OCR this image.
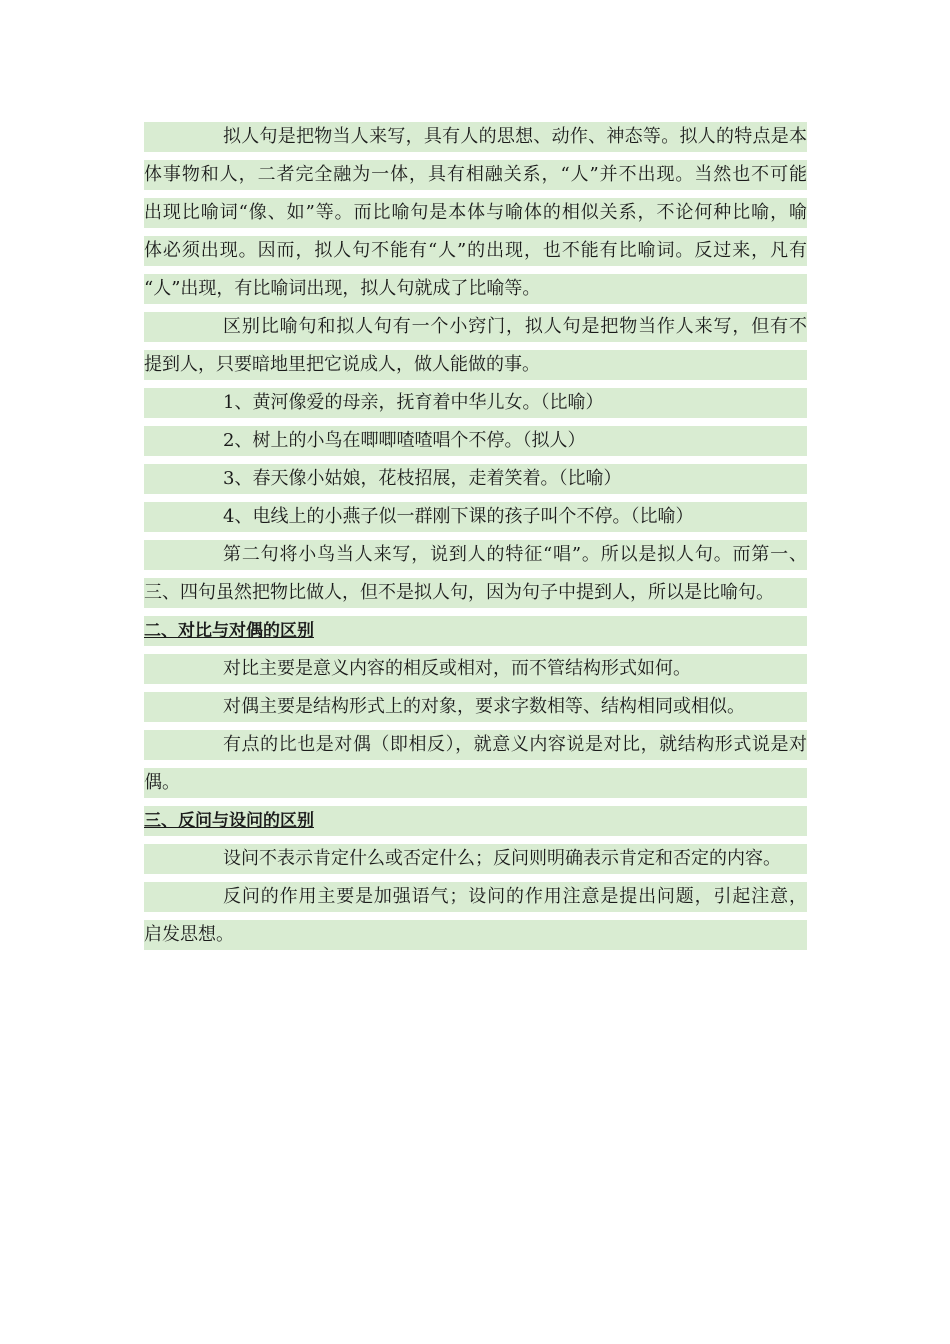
拟人句是把物当人来写，具有人的思想、动作、神态等。拟人的特点是本
体事物和人，二者完全融为一体，具有相融关系，“人”并不出现。当然也不可能
出现比喻词“像、如”等。而比喻句是本体与喻体的相似关系，不论何种比喻，喻
体必须出现。因而，拟人句不能有“人”的出现，也不能有比喻词。反过来，凡有
“人”出现，有比喻词出现，拟人句就成了比喻等。
区别比喻句和拟人句有一个小窍门，拟人句是把物当作人来写，但有不
提到人，只要暗地里把它说成人，做人能做的事。
1、黄河像爱的母亲，抚育着中华儿女。（比喻）
2、树上的小鸟在唧唧喳喳唱个不停。（拟人）
3、春天像小姑娘，花枝招展，走着笑着。（比喻）
4、电线上的小燕子似一群刚下课的孩子叫个不停。（比喻）
第二句将小鸟当人来写，说到人的特征“唱”。所以是拟人句。而第一、
三、四句虽然把物比做人，但不是拟人句，因为句子中提到人，所以是比喻句。
二、对比与对偶的区别
对比主要是意义内容的相反或相对，而不管结构形式如何。
对偶主要是结构形式上的对象，要求字数相等、结构相同或相似。
有点的比也是对偶（即相反），就意义内容说是对比，就结构形式说是对
偶。
三、反问与设问的区别
设问不表示肯定什么或否定什么；反问则明确表示肯定和否定的内容。
反问的作用主要是加强语气；设问的作用注意是提出问题，引起注意，
启发思想。
